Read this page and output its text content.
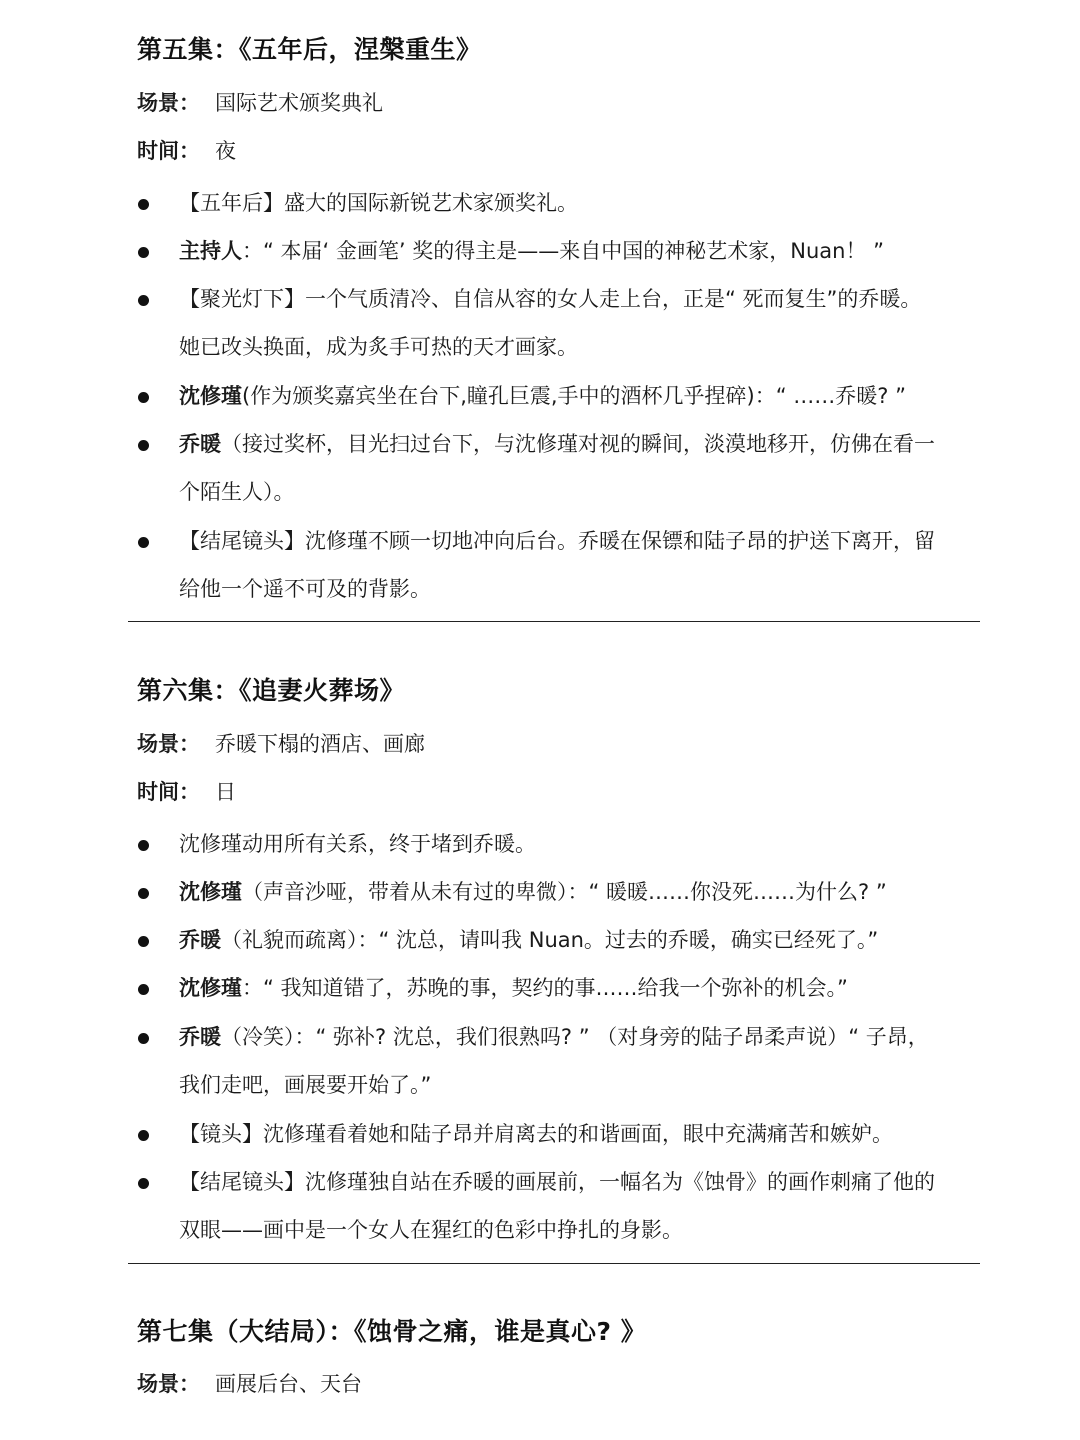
第五集：《五年后，涅槃重生》
场景： 国际艺术颁奖典礼
时间： 夜
【五年后】盛大的国际新锐艺术家颁奖礼。
主持人：“ 本届‘ 金画笔’ 奖的得主是——来自中国的神秘艺术家，Nuan！ ”
【聚光灯下】一个气质清冷、自信从容的女人走上台，正是“ 死而复生”的乔暖。
她已改头换面，成为炙手可热的天才画家。
沈修瑾(作为颁奖嘉宾坐在台下,瞳孔巨震,手中的酒杯几乎捏碎)：“ ……乔暖? ”
乔暖（接过奖杯，目光扫过台下，与沈修瑾对视的瞬间，淡漠地移开，仿佛在看一
个陌生人）。
【结尾镜头】沈修瑾不顾一切地冲向后台。乔暖在保镖和陆子昂的护送下离开，留
给他一个遥不可及的背影。
第六集：《追妻火葬场》
场景： 乔暖下榻的酒店、画廊
时间： 日
沈修瑾动用所有关系，终于堵到乔暖。
沈修瑾（声音沙哑，带着从未有过的卑微）：“ 暖暖……你没死……为什么? ”
乔暖（礼貌而疏离）：“ 沈总，请叫我 Nuan。过去的乔暖，确实已经死了。”
沈修瑾：“ 我知道错了，苏晚的事，契约的事……给我一个弥补的机会。”
乔暖（冷笑）：“ 弥补? 沈总，我们很熟吗? ” （对身旁的陆子昂柔声说）“ 子昂，
我们走吧，画展要开始了。”
【镜头】沈修瑾看着她和陆子昂并肩离去的和谐画面，眼中充满痛苦和嫉妒。
【结尾镜头】沈修瑾独自站在乔暖的画展前，一幅名为《蚀骨》的画作刺痛了他的
双眼——画中是一个女人在猩红的色彩中挣扎的身影。
第七集（大结局）：《蚀骨之痛，谁是真心? 》
场景： 画展后台、天台
